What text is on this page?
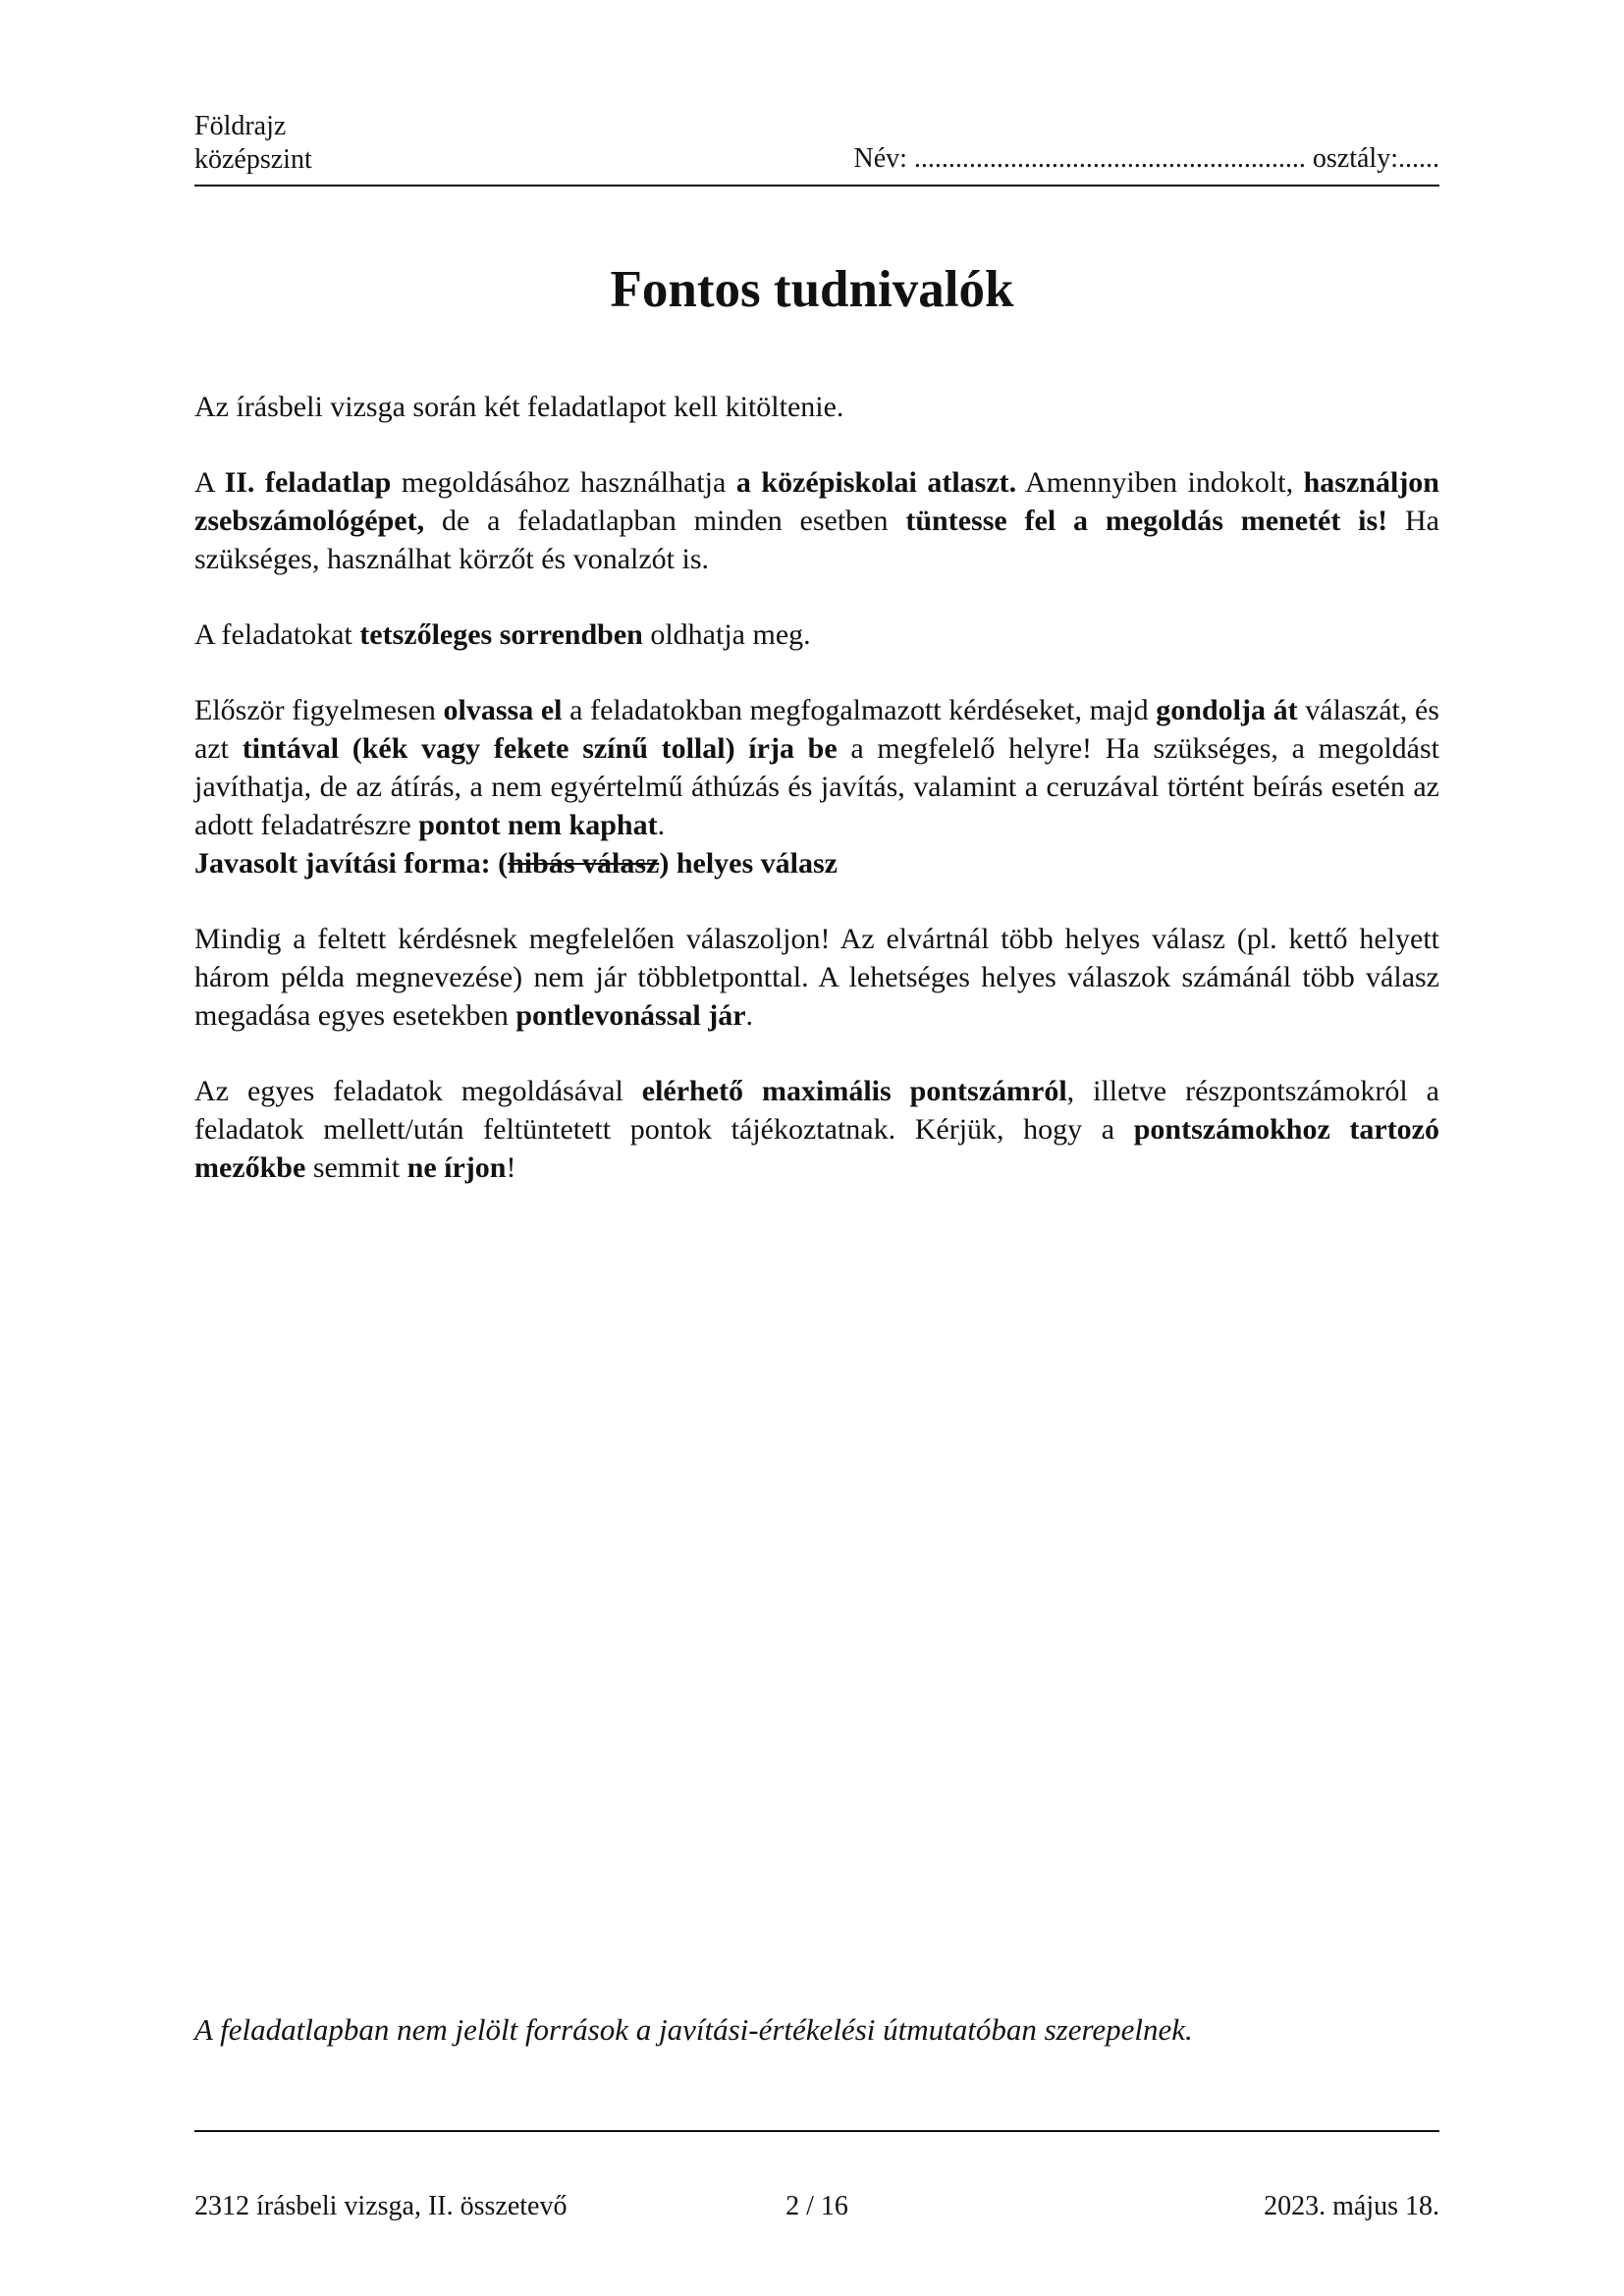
Földrajz
középszint	Név: ......................................................... osztály:......
Fontos tudnivalók

Az írásbeli vizsga során két feladatlapot kell kitöltenie.

A II. feladatlap megoldásához használhatja a középiskolai atlaszt. Amennyiben indokolt, használjon zsebszámológépet, de a feladatlapban minden esetben tüntesse fel a megoldás menetét is! Ha szükséges, használhat körzőt és vonalzót is.

A feladatokat tetszőleges sorrendben oldhatja meg.

Először figyelmesen olvassa el a feladatokban megfogalmazott kérdéseket, majd gondolja át válaszát, és azt tintával (kék vagy fekete színű tollal) írja be a megfelelő helyre! Ha szükséges, a megoldást javíthatja, de az átírás, a nem egyértelmű áthúzás és javítás, valamint a ceruzával történt beírás esetén az adott feladatrészre pontot nem kaphat.

Javasolt javítási forma: (hibás válasz) helyes válasz

Mindig a feltett kérdésnek megfelelően válaszoljon! Az elvártnál több helyes válasz (pl. kettő helyett három példa megnevezése) nem jár többletponttal. A lehetséges helyes válaszok számánál több válasz megadása egyes esetekben pontlevonással jár.

Az egyes feladatok megoldásával elérhető maximális pontszámról, illetve részpontszámokról a feladatok mellett/után feltüntetett pontok tájékoztatnak. Kérjük, hogy a pontszámokhoz tartozó mezőkbe semmit ne írjon!

A feladatlapban nem jelölt források a javítási-értékelési útmutatóban szerepelnek.
2312 írásbeli vizsga, II. összetevő	2 / 16	2023. május 18.
